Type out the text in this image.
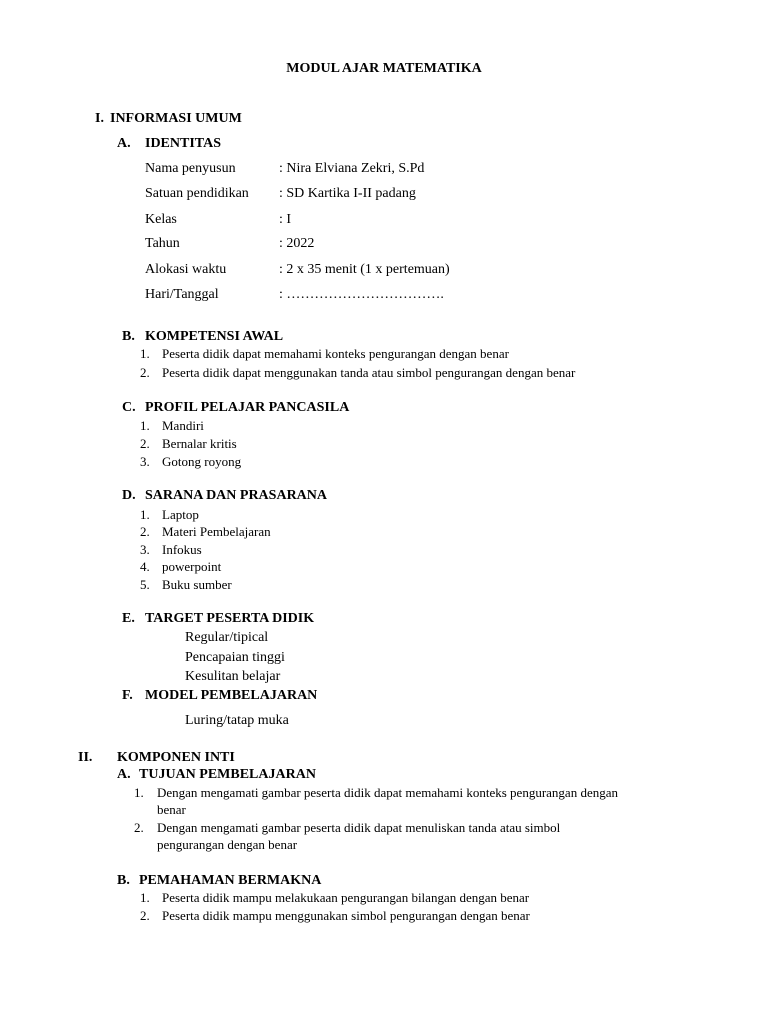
MODUL AJAR MATEMATIKA
I. INFORMASI UMUM
A. IDENTITAS
Nama penyusun	: Nira Elviana Zekri, S.Pd
Satuan pendidikan : SD Kartika I-II padang
Kelas	: I
Tahun	: 2022
Alokasi waktu	: 2 x 35 menit (1 x pertemuan)
Hari/Tanggal	: …………………………….
B. KOMPETENSI AWAL
1. Peserta didik dapat memahami konteks pengurangan dengan benar
2. Peserta didik dapat menggunakan tanda atau simbol pengurangan dengan benar
C. PROFIL PELAJAR PANCASILA
1. Mandiri
2. Bernalar kritis
3. Gotong royong
D. SARANA DAN PRASARANA
1. Laptop
2. Materi Pembelajaran
3. Infokus
4. powerpoint
5. Buku sumber
E. TARGET PESERTA DIDIK
Regular/tipical
Pencapaian tinggi
Kesulitan belajar
F. MODEL PEMBELAJARAN
Luring/tatap muka
II. KOMPONEN INTI
A. TUJUAN PEMBELAJARAN
1. Dengan mengamati gambar peserta didik dapat memahami konteks pengurangan dengan
benar
2. Dengan mengamati gambar peserta didik dapat menuliskan tanda atau simbol
pengurangan dengan benar
B. PEMAHAMAN BERMAKNA
1. Peserta didik mampu melakukaan pengurangan bilangan dengan benar
2. Peserta didik mampu menggunakan simbol pengurangan dengan benar
